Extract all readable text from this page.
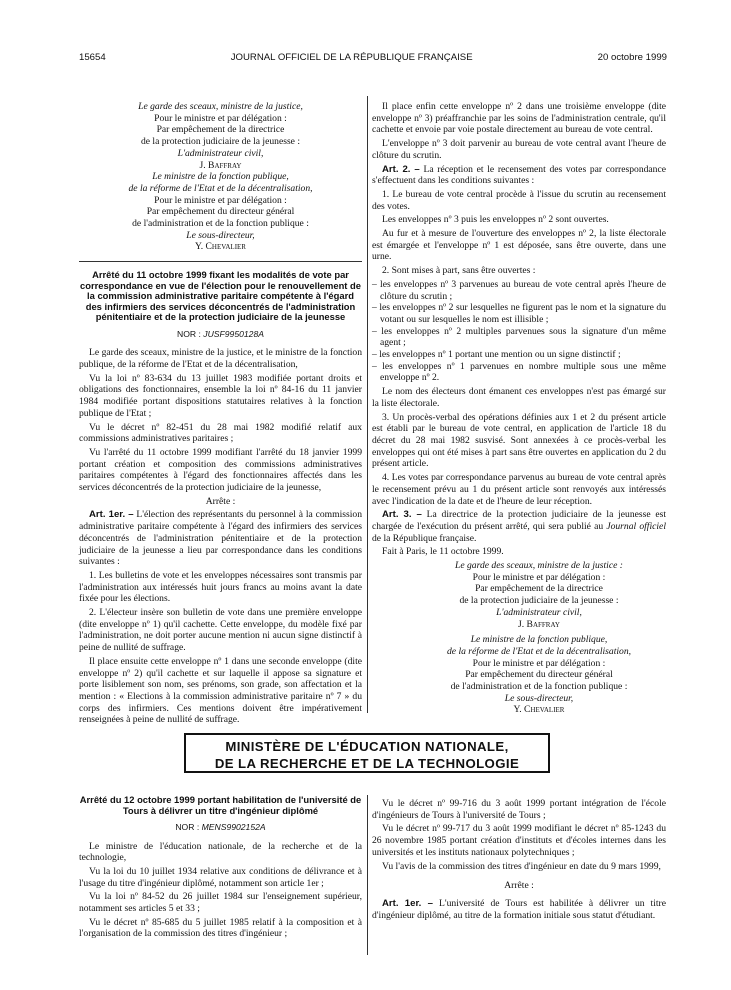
15654	JOURNAL OFFICIEL DE LA RÉPUBLIQUE FRANÇAISE	20 octobre 1999
Le garde des sceaux, ministre de la justice,
Pour le ministre et par délégation :
Par empêchement de la directrice
de la protection judiciaire de la jeunesse :
L'administrateur civil,
J. Baffray
Le ministre de la fonction publique,
de la réforme de l'Etat et de la décentralisation,
Pour le ministre et par délégation :
Par empêchement du directeur général
de l'administration et de la fonction publique :
Le sous-directeur,
Y. Chevalier
Arrêté du 11 octobre 1999 fixant les modalités de vote par correspondance en vue de l'élection pour le renouvellement de la commission administrative paritaire compétente à l'égard des infirmiers des services déconcentrés de l'administration pénitentiaire et de la protection judiciaire de la jeunesse
NOR : JUSF9950128A

Le garde des sceaux, ministre de la justice, et le ministre de la fonction publique, de la réforme de l'Etat et de la décentralisation,

Vu la loi nº 83-634 du 13 juillet 1983 modifiée portant droits et obligations des fonctionnaires, ensemble la loi nº 84-16 du 11 janvier 1984 modifiée portant dispositions statutaires relatives à la fonction publique de l'Etat ;

Vu le décret nº 82-451 du 28 mai 1982 modifié relatif aux commissions administratives paritaires ;

Vu l'arrêté du 11 octobre 1999 modifiant l'arrêté du 18 janvier 1999 portant création et composition des commissions administratives paritaires compétentes à l'égard des fonctionnaires affectés dans les services déconcentrés de la protection judiciaire de la jeunesse,

Arrête :

Art. 1er. – L'élection des représentants du personnel à la commission administrative paritaire compétente à l'égard des infirmiers des services déconcentrés de l'administration pénitentiaire et de la protection judiciaire de la jeunesse a lieu par correspondance dans les conditions suivantes :

1. Les bulletins de vote et les enveloppes nécessaires sont transmis par l'administration aux intéressés huit jours francs au moins avant la date fixée pour les élections.

2. L'électeur insère son bulletin de vote dans une première enveloppe (dite enveloppe nº 1) qu'il cachette. Cette enveloppe, du modèle fixé par l'administration, ne doit porter aucune mention ni aucun signe distinctif à peine de nullité de suffrage.

Il place ensuite cette enveloppe nº 1 dans une seconde enveloppe (dite enveloppe nº 2) qu'il cachette et sur laquelle il appose sa signature et porte lisiblement son nom, ses prénoms, son grade, son affectation et la mention : « Elections à la commission administrative paritaire nº 7 » du corps des infirmiers. Ces mentions doivent être impérativement renseignées à peine de nullité de suffrage.

Il place enfin cette enveloppe nº 2 dans une troisième enveloppe (dite enveloppe nº 3) préaffranchie par les soins de l'administration centrale, qu'il cachette et envoie par voie postale directement au bureau de vote central.

L'enveloppe nº 3 doit parvenir au bureau de vote central avant l'heure de clôture du scrutin.

Art. 2. – La réception et le recensement des votes par correspondance s'effectuent dans les conditions suivantes :

1. Le bureau de vote central procède à l'issue du scrutin au recensement des votes.

Les enveloppes nº 3 puis les enveloppes nº 2 sont ouvertes.

Au fur et à mesure de l'ouverture des enveloppes nº 2, la liste électorale est émargée et l'enveloppe nº 1 est déposée, sans être ouverte, dans une urne.

2. Sont mises à part, sans être ouvertes :

– les enveloppes nº 3 parvenues au bureau de vote central après l'heure de clôture du scrutin ;
– les enveloppes nº 2 sur lesquelles ne figurent pas le nom et la signature du votant ou sur lesquelles le nom est illisible ;
– les enveloppes nº 2 multiples parvenues sous la signature d'un même agent ;
– les enveloppes nº 1 portant une mention ou un signe distinctif ;
– les enveloppes nº 1 parvenues en nombre multiple sous une même enveloppe nº 2.

Le nom des électeurs dont émanent ces enveloppes n'est pas émargé sur la liste électorale.

3. Un procès-verbal des opérations définies aux 1 et 2 du présent article est établi par le bureau de vote central, en application de l'article 18 du décret du 28 mai 1982 susvisé. Sont annexées à ce procès-verbal les enveloppes qui ont été mises à part sans être ouvertes en application du 2 du présent article.

4. Les votes par correspondance parvenus au bureau de vote central après le recensement prévu au 1 du présent article sont renvoyés aux intéressés avec l'indication de la date et de l'heure de leur réception.

Art. 3. – La directrice de la protection judiciaire de la jeunesse est chargée de l'exécution du présent arrêté, qui sera publié au Journal officiel de la République française.

Fait à Paris, le 11 octobre 1999.

Le garde des sceaux, ministre de la justice :
Pour le ministre et par délégation :
Par empêchement de la directrice
de la protection judiciaire de la jeunesse :
L'administrateur civil,
J. Baffray
Le ministre de la fonction publique,
de la réforme de l'Etat et de la décentralisation,
Pour le ministre et par délégation :
Par empêchement du directeur général
de l'administration et de la fonction publique :
Le sous-directeur,
Y. Chevalier
MINISTÈRE DE L'ÉDUCATION NATIONALE,
DE LA RECHERCHE ET DE LA TECHNOLOGIE
Arrêté du 12 octobre 1999 portant habilitation de l'université de Tours à délivrer un titre d'ingénieur diplômé
NOR : MENS9902152A

Le ministre de l'éducation nationale, de la recherche et de la technologie,

Vu la loi du 10 juillet 1934 relative aux conditions de délivrance et à l'usage du titre d'ingénieur diplômé, notamment son article 1er ;

Vu la loi nº 84-52 du 26 juillet 1984 sur l'enseignement supérieur, notamment ses articles 5 et 33 ;

Vu le décret nº 85-685 du 5 juillet 1985 relatif à la composition et à l'organisation de la commission des titres d'ingénieur ;

Vu le décret nº 99-716 du 3 août 1999 portant intégration de l'école d'ingénieurs de Tours à l'université de Tours ;

Vu le décret nº 99-717 du 3 août 1999 modifiant le décret nº 85-1243 du 26 novembre 1985 portant création d'instituts et d'écoles internes dans les universités et les instituts nationaux polytechniques ;

Vu l'avis de la commission des titres d'ingénieur en date du 9 mars 1999,

Arrête :

Art. 1er. – L'université de Tours est habilitée à délivrer un titre d'ingénieur diplômé, au titre de la formation initiale sous statut d'étudiant.
